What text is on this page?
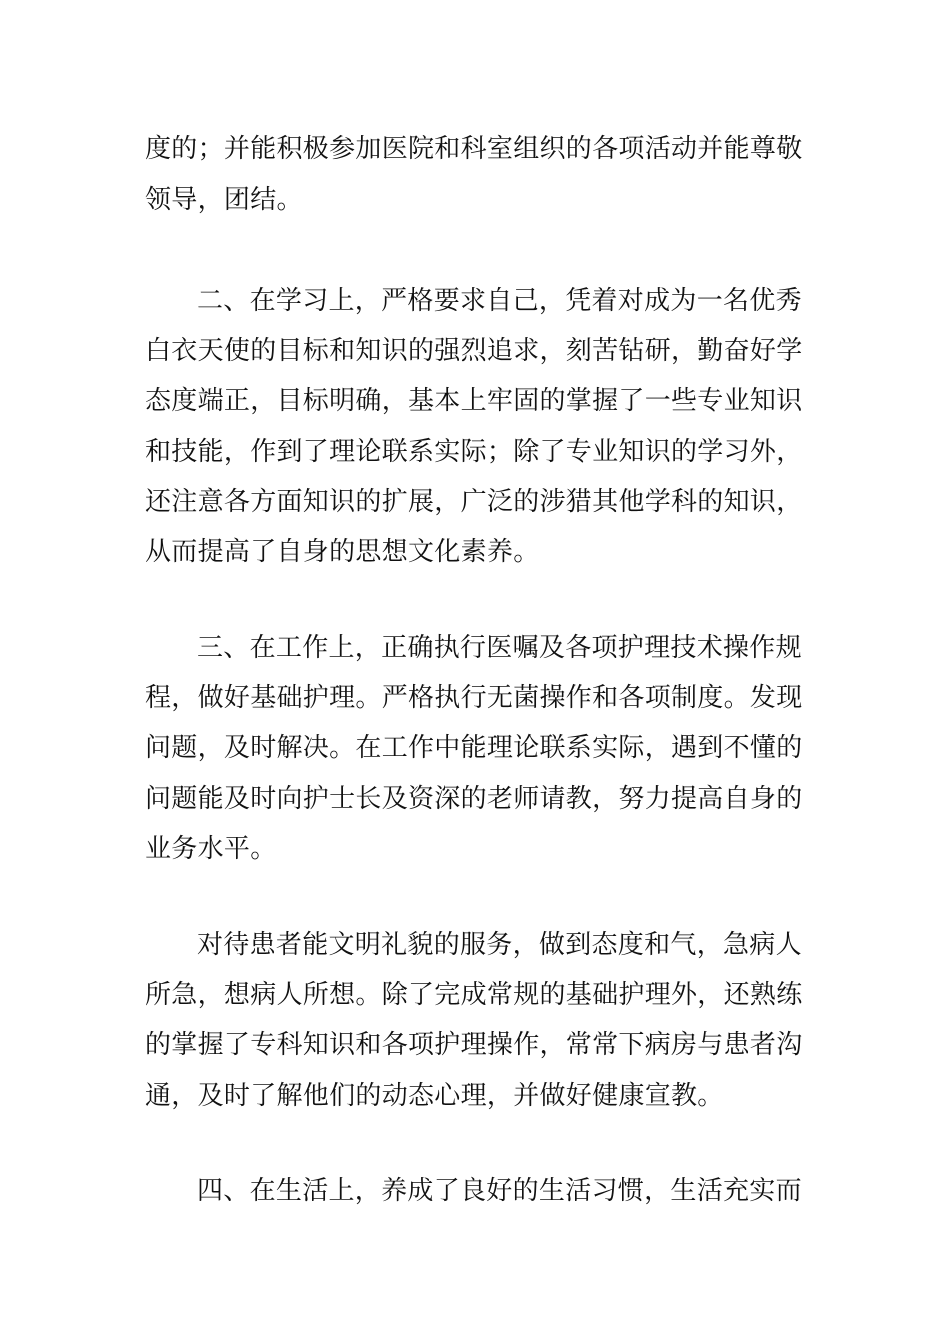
度的；并能积极参加医院和科室组织的各项活动并能尊敬
领导，团结。
二、在学习上，严格要求自己，凭着对成为一名优秀
白衣天使的目标和知识的强烈追求，刻苦钻研，勤奋好学
态度端正，目标明确，基本上牢固的掌握了一些专业知识
和技能，作到了理论联系实际；除了专业知识的学习外，
还注意各方面知识的扩展，广泛的涉猎其他学科的知识，
从而提高了自身的思想文化素养。
三、在工作上，正确执行医嘱及各项护理技术操作规
程，做好基础护理。严格执行无菌操作和各项制度。发现
问题，及时解决。在工作中能理论联系实际，遇到不懂的
问题能及时向护士长及资深的老师请教，努力提高自身的
业务水平。
对待患者能文明礼貌的服务，做到态度和气，急病人
所急，想病人所想。除了完成常规的基础护理外，还熟练
的掌握了专科知识和各项护理操作，常常下病房与患者沟
通，及时了解他们的动态心理，并做好健康宣教。
四、在生活上，养成了良好的生活习惯，生活充实而
